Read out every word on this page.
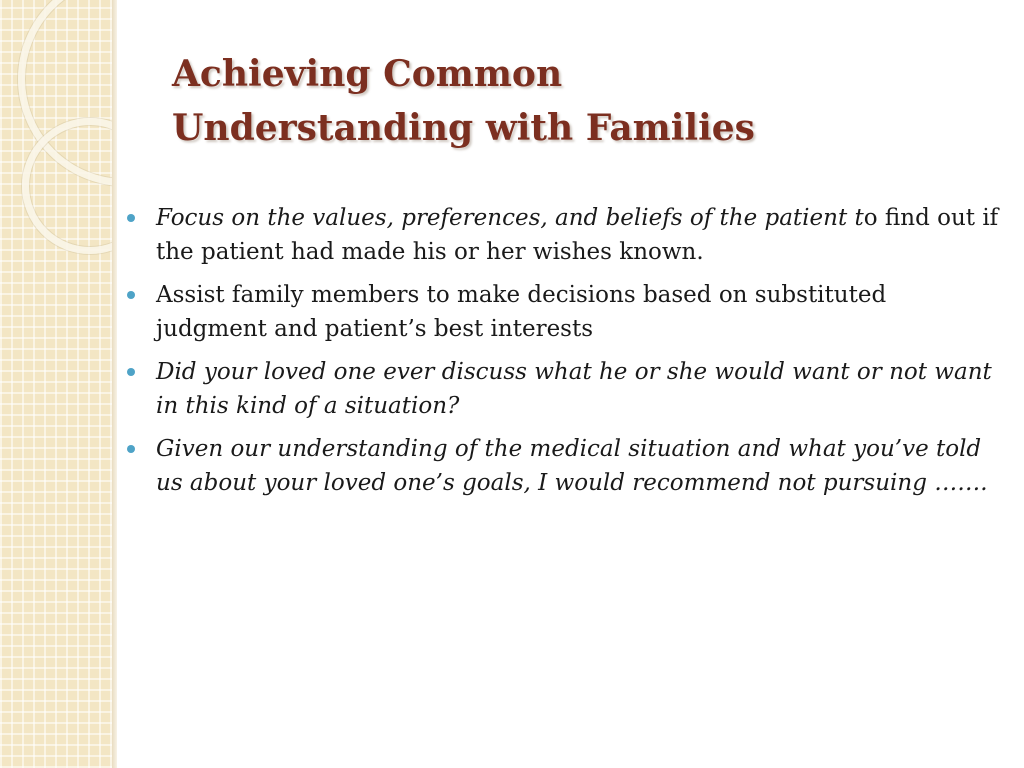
Achieving Common
Understanding with Families
Focus on the values, preferences, and beliefs of the patient to find out if the patient had made his or her wishes known.
Assist family members to make decisions based on substituted judgment and patient’s best interests
Did your loved one ever discuss what he or she would want or not want in this kind of a situation?
Given our understanding of the medical situation and what you’ve told us about your loved one’s goals, I would recommend not pursuing …….
